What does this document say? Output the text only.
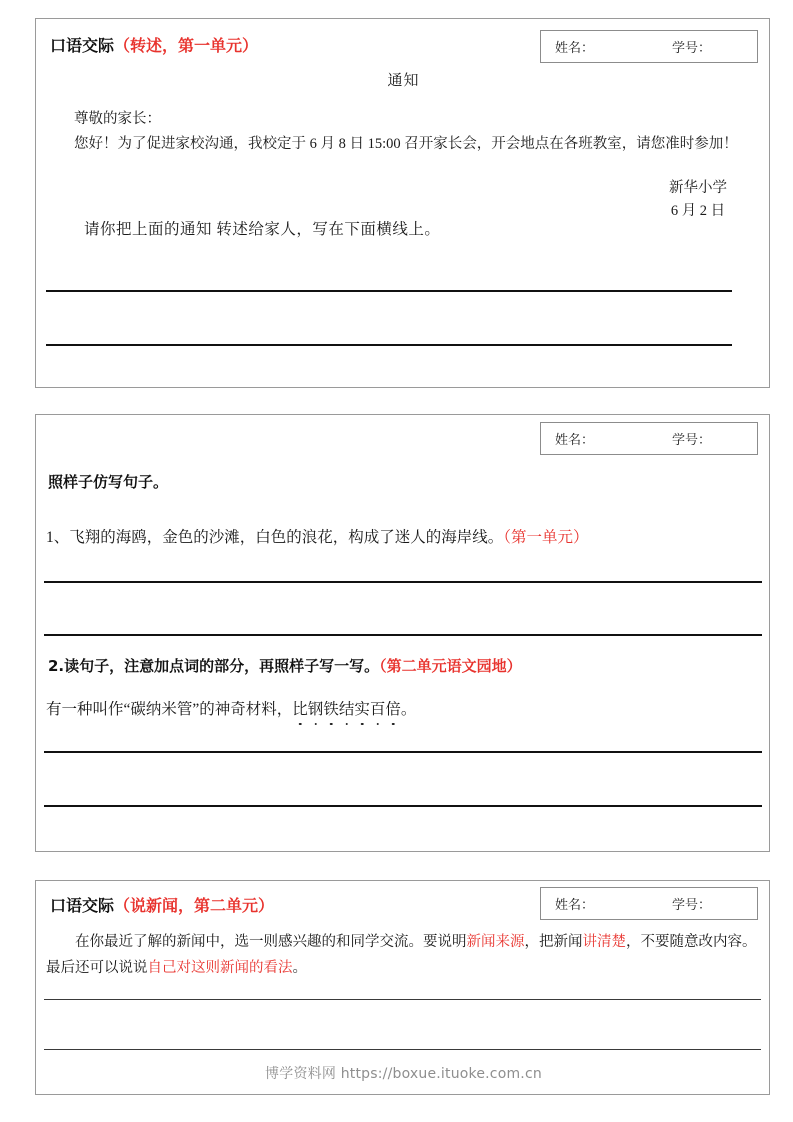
姓名：	学号：
口语交际（转述，第一单元）
通知
尊敬的家长：
您好！为了促进家校沟通，我校定于 6 月 8 日 15:00 召开家长会，开会地点在各班教室，请您准时参加！
新华小学
6 月 2 日
请你把上面的通知 转述给家人，写在下面横线上。
姓名：	学号：
照样子仿写句子。
1、飞翔的海鸥，金色的沙滩，白色的浪花，构成了迷人的海岸线。（第一单元）
2.读句子，注意加点词的部分，再照样子写一写。（第二单元语文园地）
有一种叫作“碳纳米管”的神奇材料，比钢铁结实百倍。
姓名：	学号：
口语交际（说新闻，第二单元）
在你最近了解的新闻中，选一则感兴趣的和同学交流。要说明新闻来源，把新闻讲清楚，不要随意改内容。最后还可以说说自己对这则新闻的看法。
博学资料网 https://boxue.ituoke.com.cn
